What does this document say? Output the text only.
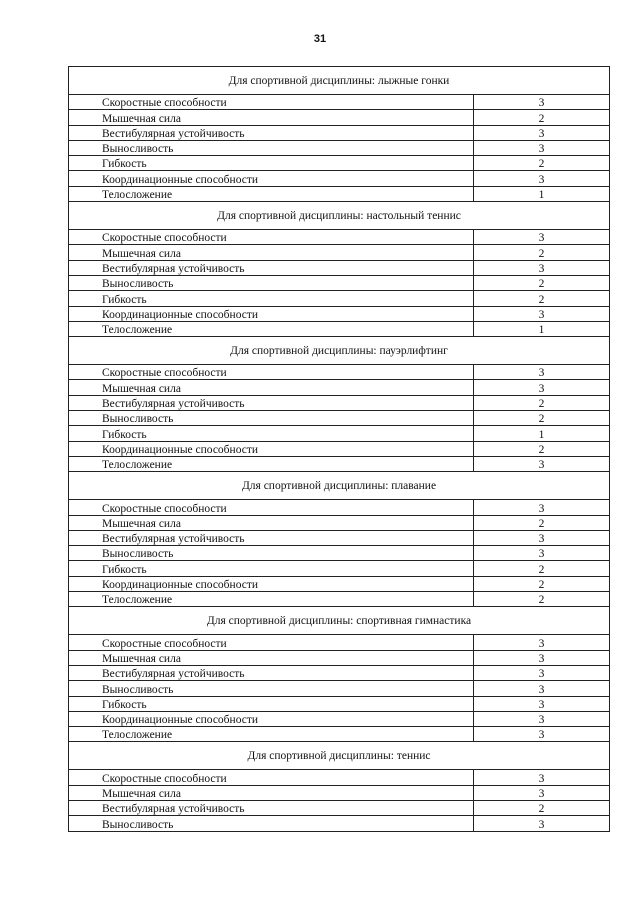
31
Для спортивной дисциплины: лыжные гонки	
Скоростные способности	3
Мышечная сила	2
Вестибулярная устойчивость	3
Выносливость	3
Гибкость	2
Координационные способности	3
Телосложение	1
Для спортивной дисциплины: настольный теннис	
Скоростные способности	3
Мышечная сила	2
Вестибулярная устойчивость	3
Выносливость	2
Гибкость	2
Координационные способности	3
Телосложение	1
Для спортивной дисциплины: пауэрлифтинг	
Скоростные способности	3
Мышечная сила	3
Вестибулярная устойчивость	2
Выносливость	2
Гибкость	1
Координационные способности	2
Телосложение	3
Для спортивной дисциплины: плавание	
Скоростные способности	3
Мышечная сила	2
Вестибулярная устойчивость	3
Выносливость	3
Гибкость	2
Координационные способности	2
Телосложение	2
Для спортивной дисциплины: спортивная гимнастика	
Скоростные способности	3
Мышечная сила	3
Вестибулярная устойчивость	3
Выносливость	3
Гибкость	3
Координационные способности	3
Телосложение	3
Для спортивной дисциплины: теннис	
Скоростные способности	3
Мышечная сила	3
Вестибулярная устойчивость	2
Выносливость	3
